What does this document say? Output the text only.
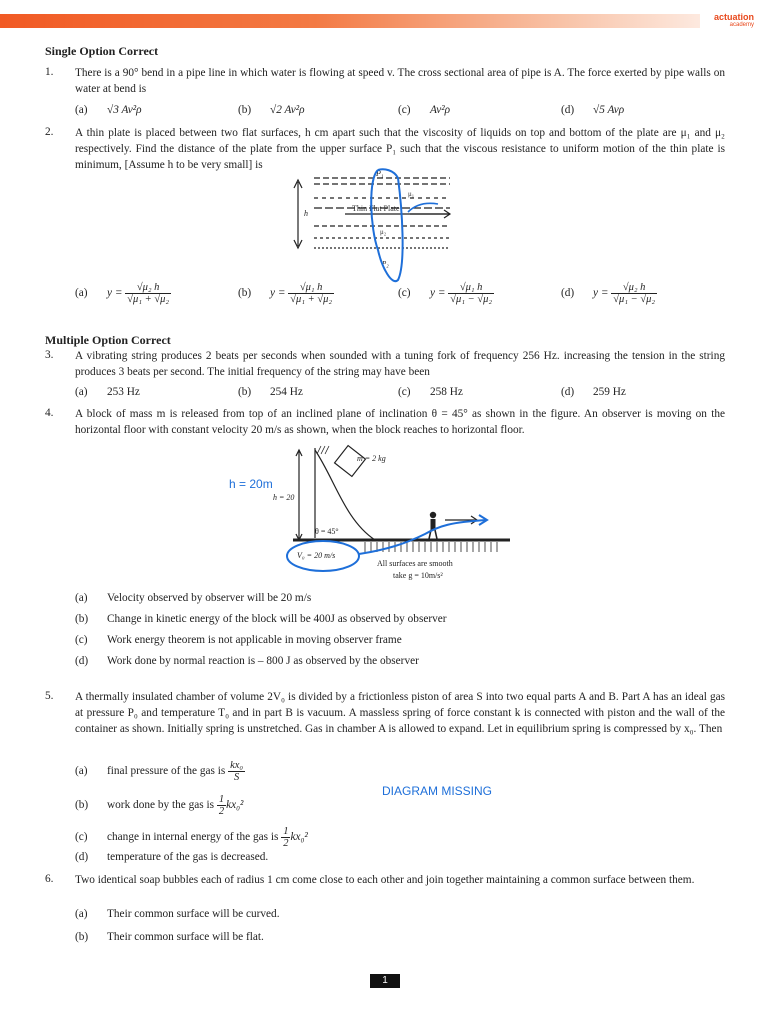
actuation
academy
Single Option Correct
1. There is a 90° bend in a pipe line in which water is flowing at speed v. The cross sectional area of pipe is A. The force exerted by pipe walls on water at bend is
(a) √3 Av²ρ	(b) √2 Av²ρ	(c) Av²ρ	(d) √5 Avρ
2. A thin plate is placed between two flat surfaces, h cm apart such that the viscosity of liquids on top and bottom of the plate are μ₁ and μ₂ respectively. Find the distance of the plate from the upper surface P₁ such that the viscous resistance to uniform motion of the thin plate is minimum, [Assume h to be very small] is
h
Thin Flat Plate
μ₁
μ₂
P₁
P₂
(a) $y = \frac{\text{√μ₂ h}}{\text{√μ₁ + √μ₂}}$	(b) $y = \frac{\text{√μ₁ h}}{\text{√μ₁ + √μ₂}}$	(c) $y = \frac{\text{√μ₁ h}}{\text{√μ₁ − √μ₂}}$	(d) $y = \frac{\text{√μ₂ h}}{\text{√μ₁ − √μ₂}}$
Multiple Option Correct
3. A vibrating string produces 2 beats per seconds when sounded with a tuning fork of frequency 256 Hz. increasing the tension in the string produces 3 beats per second. The initial frequency of the string may have been
(a) 253 Hz	(b) 254 Hz	(c) 258 Hz	(d) 259 Hz
4. A block of mass m is released from top of an inclined plane of inclination θ = 45° as shown in the figure. An observer is moving on the horizontal floor with constant velocity 20 m/s as shown, when the block reaches to horizontal floor.
m = 2 kg
h = 20m
h = 20
θ = 45°
V₀ = 20 m/s
All surfaces are smooth
take g = 10m/s²
(a) Velocity observed by observer will be 20 m/s
(b) Change in kinetic energy of the block will be 400J as observed by observer
(c) Work energy theorem is not applicable in moving observer frame
(d) Work done by normal reaction is – 800 J as observed by the observer
5. A thermally insulated chamber of volume 2V₀ is divided by a frictionless piston of area S into two equal parts A and B. Part A has an ideal gas at pressure P₀ and temperature T₀ and in part B is vacuum. A massless spring of force constant k is connected with piston and the wall of the container as shown. Initially spring is unstretched. Gas in chamber A is allowed to expand. Let in equilibrium spring is compressed by x₀. Then
(a) final pressure of the gas is $\frac{\text{kx₀}}{S}$
DIAGRAM MISSING
(b) work done by the gas is $\frac{1}{2} kx_0^2$
(c) change in internal energy of the gas is $\frac{1}{2} kx_0^2$
(d) temperature of the gas is decreased.
6. Two identical soap bubbles each of radius 1 cm come close to each other and join together maintaining a common surface between them.
(a) Their common surface will be curved.
(b) Their common surface will be flat.
1
